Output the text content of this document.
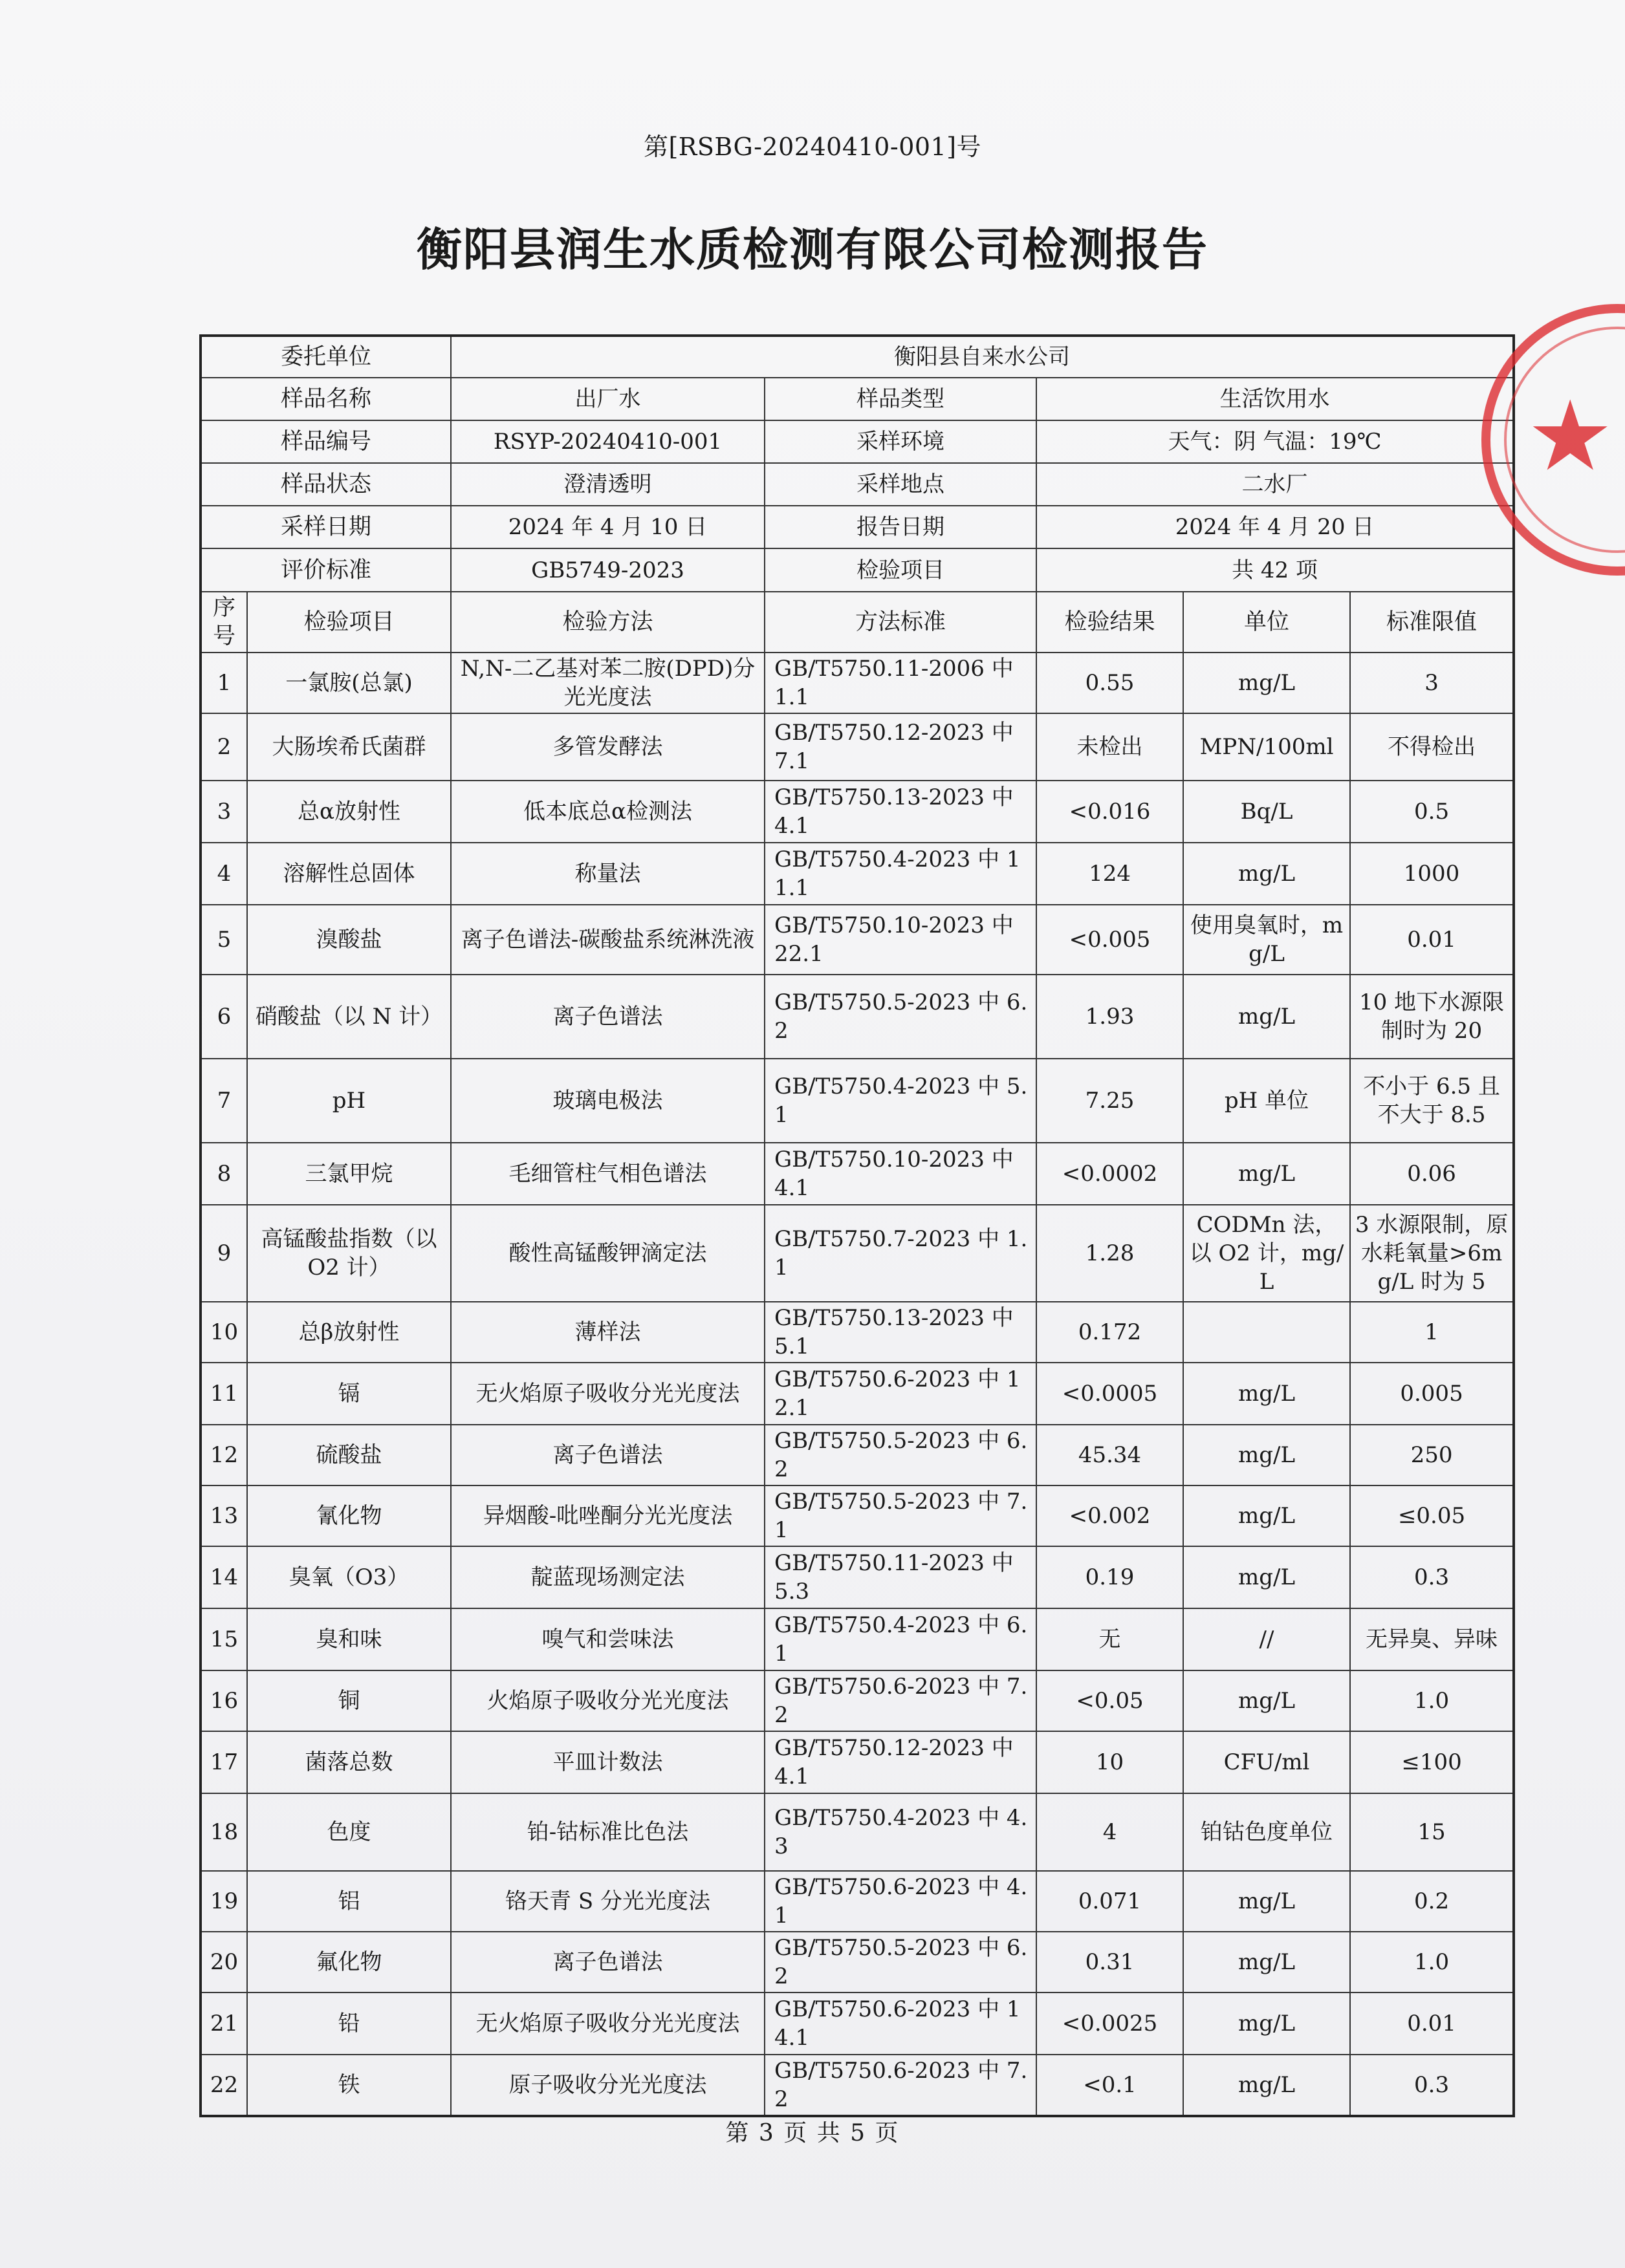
第[RSBG-20240410-001]号
衡阳县润生水质检测有限公司检测报告
委托单位		衡阳县自来水公司				
样品名称		出厂水	样品类型	生活饮用水		
样品编号		RSYP-20240410-001	采样环境	天气：阴 气温：19℃		
样品状态		澄清透明	采样地点	二水厂		
采样日期		2024 年 4 月 10 日	报告日期	2024 年 4 月 20 日		
评价标准		GB5749-2023	检验项目	共 42 项		
序号	检验项目	检验方法	方法标准	检验结果	单位	标准限值
1	一氯胺(总氯)	N,N-二乙基对苯二胺(DPD)分光光度法	GB/T5750.11-2006 中 1.1	0.55	mg/L	3
2	大肠埃希氏菌群	多管发酵法	GB/T5750.12-2023 中 7.1	未检出	MPN/100ml	不得检出
3	总α放射性	低本底总α检测法	GB/T5750.13-2023 中 4.1	<0.016	Bq/L	0.5
4	溶解性总固体	称量法	GB/T5750.4-2023 中 11.1	124	mg/L	1000
5	溴酸盐	离子色谱法-碳酸盐系统淋洗液	GB/T5750.10-2023 中 22.1	<0.005	使用臭氧时，mg/L	0.01
6	硝酸盐（以 N 计）	离子色谱法	GB/T5750.5-2023 中 6.2	1.93	mg/L	10 地下水源限制时为 20
7	pH	玻璃电极法	GB/T5750.4-2023 中 5.1	7.25	pH 单位	不小于 6.5 且不大于 8.5
8	三氯甲烷	毛细管柱气相色谱法	GB/T5750.10-2023 中 4.1	<0.0002	mg/L	0.06
9	高锰酸盐指数（以 O2 计）	酸性高锰酸钾滴定法	GB/T5750.7-2023 中 1.1	1.28	CODMn 法，以 O2 计，mg/L	3 水源限制，原水耗氧量>6mg/L 时为 5
10	总β放射性	薄样法	GB/T5750.13-2023 中 5.1	0.172		1
11	镉	无火焰原子吸收分光光度法	GB/T5750.6-2023 中 12.1	<0.0005	mg/L	0.005
12	硫酸盐	离子色谱法	GB/T5750.5-2023 中 6.2	45.34	mg/L	250
13	氰化物	异烟酸-吡唑酮分光光度法	GB/T5750.5-2023 中 7.1	<0.002	mg/L	≤0.05
14	臭氧（O3）	靛蓝现场测定法	GB/T5750.11-2023 中 5.3	0.19	mg/L	0.3
15	臭和味	嗅气和尝味法	GB/T5750.4-2023 中 6.1	无	//	无异臭、异味
16	铜	火焰原子吸收分光光度法	GB/T5750.6-2023 中 7.2	<0.05	mg/L	1.0
17	菌落总数	平皿计数法	GB/T5750.12-2023 中 4.1	10	CFU/ml	≤100
18	色度	铂-钴标准比色法	GB/T5750.4-2023 中 4.3	4	铂钴色度单位	15
19	铝	铬天青 S 分光光度法	GB/T5750.6-2023 中 4.1	0.071	mg/L	0.2
20	氟化物	离子色谱法	GB/T5750.5-2023 中 6.2	0.31	mg/L	1.0
21	铅	无火焰原子吸收分光光度法	GB/T5750.6-2023 中 14.1	<0.0025	mg/L	0.01
22	铁	原子吸收分光光度法	GB/T5750.6-2023 中 7.2	<0.1	mg/L	0.3
第 3 页 共 5 页
★
